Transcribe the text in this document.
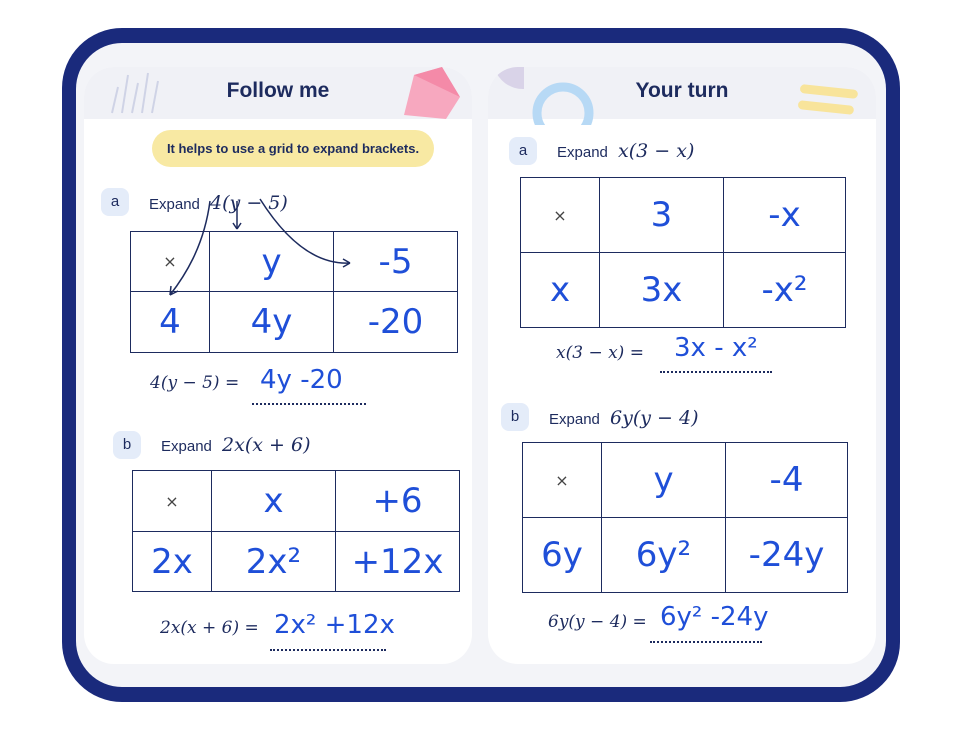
Follow me
It helps to use a grid to expand brackets.
a	Expand 4(y − 5)
×	y	-5
4	4y	-20
4(y − 5) = 4y -20
b	Expand 2x(x + 6)
×	x	+6
2x	2x²	+12x
2x(x + 6) = 2x² +12x
Your turn
a	Expand x(3 − x)
×	3	-x
x	3x	-x²
x(3 − x) = 3x - x²
b	Expand 6y(y − 4)
×	y	-4
6y	6y²	-24y
6y(y − 4) = 6y² -24y
